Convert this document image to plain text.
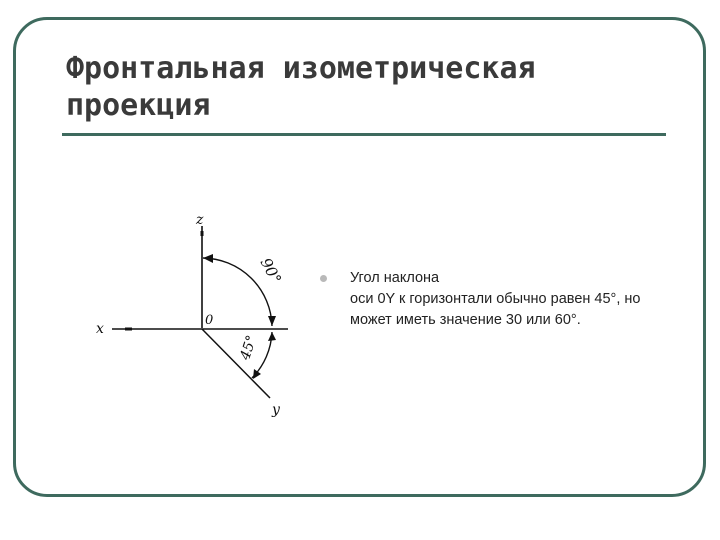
Фронтальная изометрическая
проекция
z
x
y
0
90°
45°
Угол наклона
оси 0Y к горизонтали обычно равен 45°, но
может иметь значение 30 или 60°.
